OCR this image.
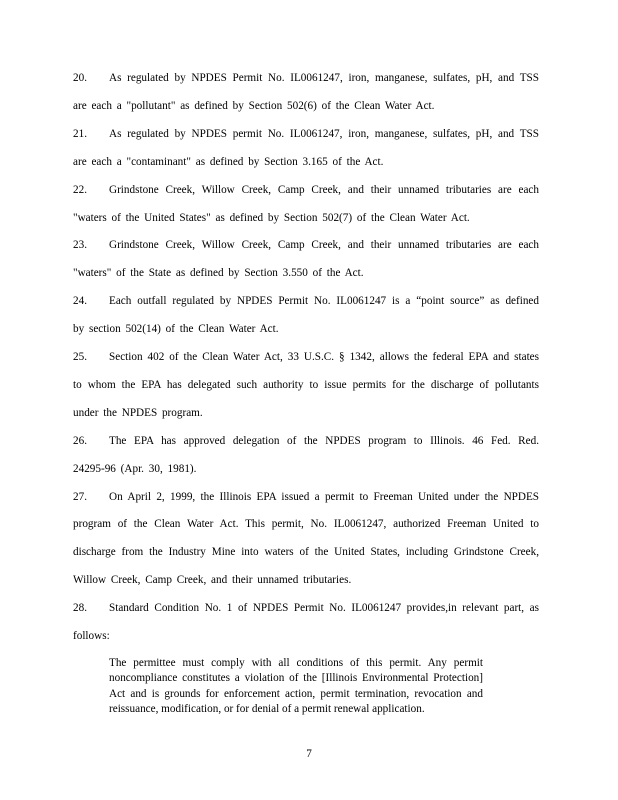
20. As regulated by NPDES Permit No. IL0061247, iron, manganese, sulfates, pH, and TSS
are each a "pollutant" as defined by Section 502(6) of the Clean Water Act.
21. As regulated by NPDES permit No. IL0061247, iron, manganese, sulfates, pH, and TSS
are each a "contaminant" as defined by Section 3.165 of the Act.
22. Grindstone Creek, Willow Creek, Camp Creek, and their unnamed tributaries are each
"waters of the United States" as defined by Section 502(7) of the Clean Water Act.
23. Grindstone Creek, Willow Creek, Camp Creek, and their unnamed tributaries are each
"waters" of the State as defined by Section 3.550 of the Act.
24. Each outfall regulated by NPDES Permit No. IL0061247 is a “point source” as defined
by section 502(14) of the Clean Water Act.
25. Section 402 of the Clean Water Act, 33 U.S.C. § 1342, allows the federal EPA and states
to whom the EPA has delegated such authority to issue permits for the discharge of pollutants
under the NPDES program.
26. The EPA has approved delegation of the NPDES program to Illinois. 46 Fed. Red.
24295-96 (Apr. 30, 1981).
27. On April 2, 1999, the Illinois EPA issued a permit to Freeman United under the NPDES
program of the Clean Water Act. This permit, No. IL0061247, authorized Freeman United to
discharge from the Industry Mine into waters of the United States, including Grindstone Creek,
Willow Creek, Camp Creek, and their unnamed tributaries.
28. Standard Condition No. 1 of NPDES Permit No. IL0061247 provides,in relevant part, as
follows:
The permittee must comply with all conditions of this permit. Any permit
noncompliance constitutes a violation of the [Illinois Environmental Protection]
Act and is grounds for enforcement action, permit termination, revocation and
reissuance, modification, or for denial of a permit renewal application.
7
